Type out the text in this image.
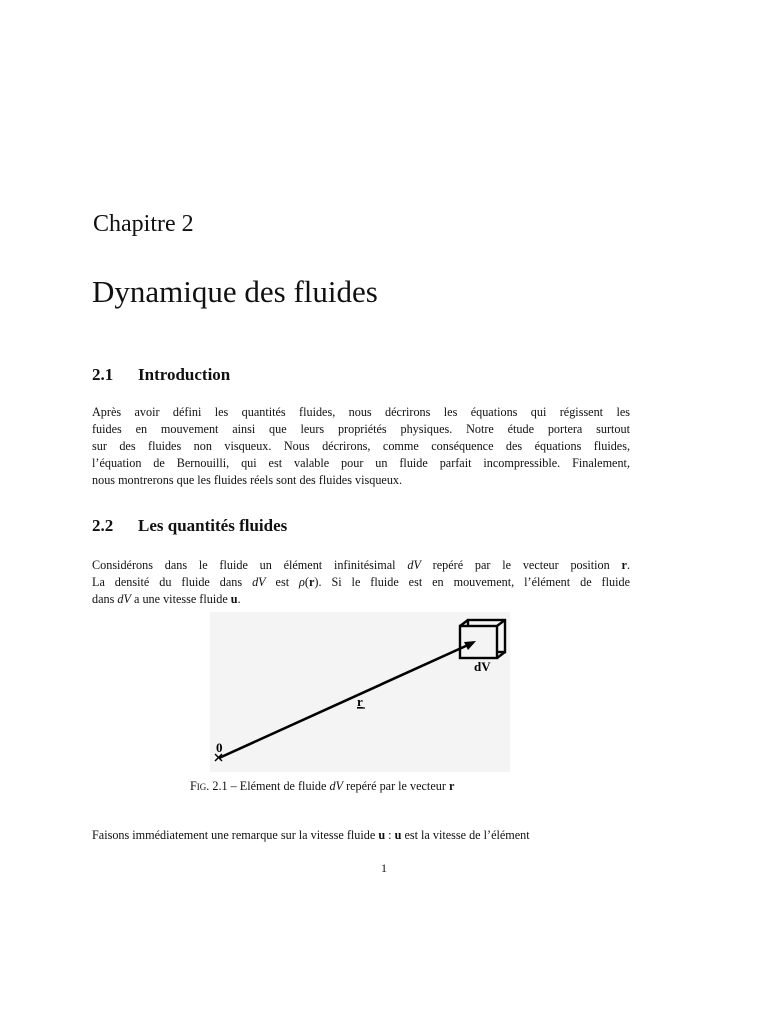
Chapitre 2
Dynamique des fluides
2.1 Introduction

Après avoir défini les quantités fluides, nous décrirons les équations qui régissent les
fuides en mouvement ainsi que leurs propriétés physiques. Notre étude portera surtout
sur des fluides non visqueux. Nous décrirons, comme conséquence des équations fluides,
l’équation de Bernouilli, qui est valable pour un fluide parfait incompressible. Finalement,
nous montrerons que les fluides réels sont des fluides visqueux.

2.2 Les quantités fluides

Considérons dans le fluide un élément infinitésimal dV repéré par le vecteur position r.
La densité du fluide dans dV est ρ(r). Si le fluide est en mouvement, l’élément de fluide
dans dV a une vitesse fluide u.

0
r
dV
Fig. 2.1 – Elément de fluide dV repéré par le vecteur r

Faisons immédiatement une remarque sur la vitesse fluide u : u est la vitesse de l’élément

1
